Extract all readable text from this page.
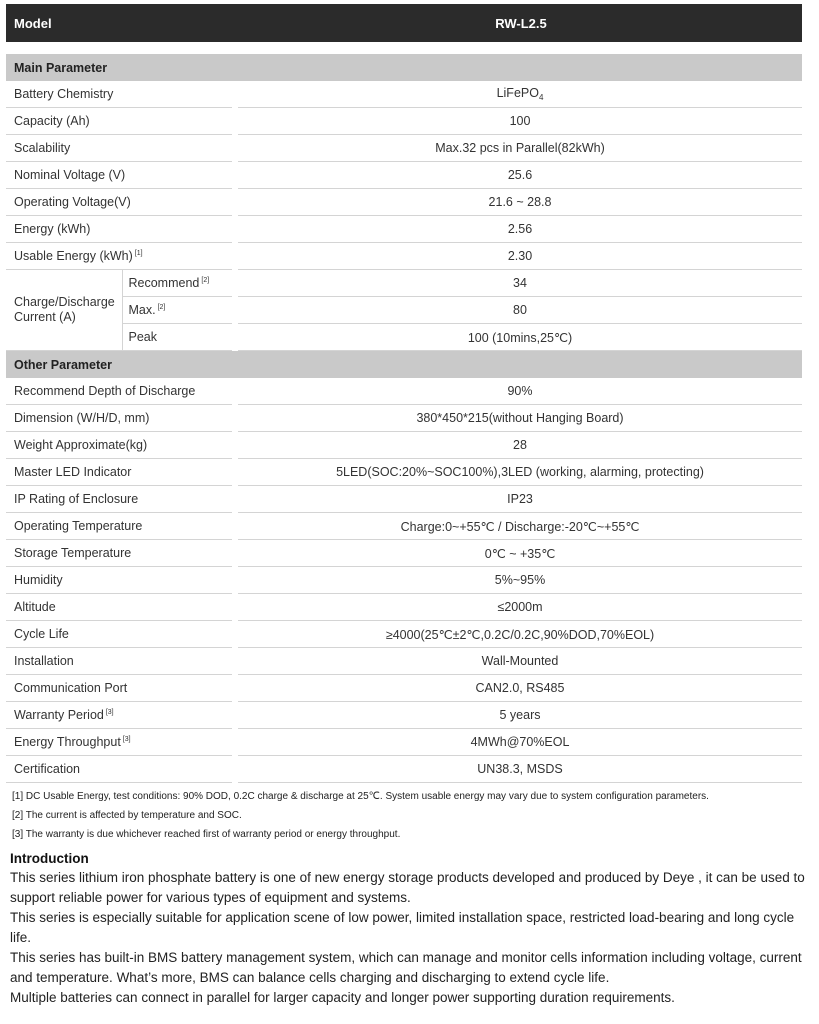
Model	RW-L2.5
Main Parameter
Battery Chemistry		LiFePO$_4$
Capacity (Ah)		100
Scalability		Max.32 pcs in Parallel(82kWh)
Nominal Voltage (V)		25.6
Operating Voltage(V)		21.6 ~ 28.8
Energy (kWh)		2.56
Usable Energy (kWh) [1]		2.30
Charge/Discharge Current (A)	Recommend [2]	34
	Max. [2]	80
	Peak	100 (10mins,25℃)
Other Parameter
Recommend Depth of Discharge	90%
Dimension (W/H/D, mm)	380*450*215(without Hanging Board)
Weight Approximate(kg)	28
Master LED Indicator	5LED(SOC:20%~SOC100%),3LED (working, alarming, protecting)
IP Rating of Enclosure	IP23
Operating Temperature	Charge:0~+55℃ / Discharge:-20℃~+55℃
Storage Temperature	0℃ ~ +35℃
Humidity	5%~95%
Altitude	≤2000m
Cycle Life	≥4000(25℃±2℃,0.2C/0.2C,90%DOD,70%EOL)
Installation	Wall-Mounted
Communication Port	CAN2.0, RS485
Warranty Period [3]	5 years
Energy Throughput [3]	4MWh@70%EOL
Certification	UN38.3, MSDS
[1] DC Usable Energy, test conditions: 90% DOD, 0.2C charge & discharge at 25℃. System usable energy may vary due to system configuration parameters.
[2] The current is affected by temperature and SOC.
[3] The warranty is due whichever reached first of warranty period or energy throughput.
Introduction

This series lithium iron phosphate battery is one of new energy storage products developed and produced by Deye , it can be used to support reliable power for various types of equipment and systems.

This series is especially suitable for application scene of low power, limited installation space, restricted load-bearing and long cycle life.

This series has built-in BMS battery management system, which can manage and monitor cells information including voltage, current and temperature. What’s more, BMS can balance cells charging and discharging to extend cycle life.

Multiple batteries can connect in parallel for larger capacity and longer power supporting duration requirements.
